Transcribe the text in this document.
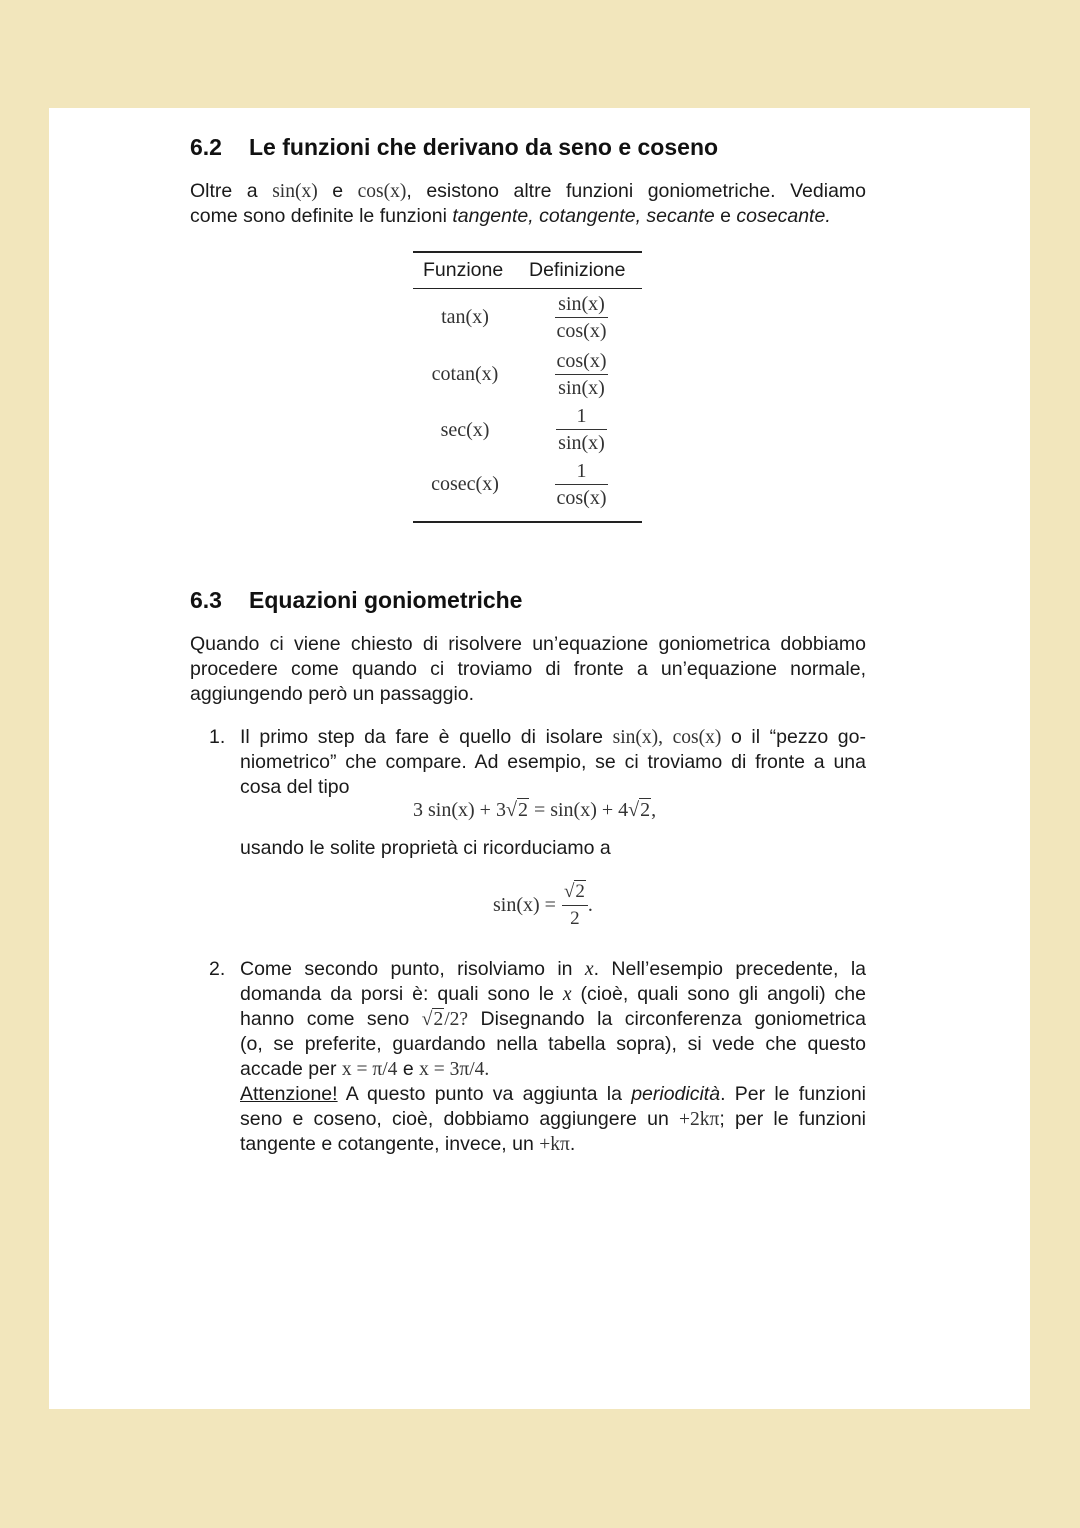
6.2 Le funzioni che derivano da seno e coseno
Oltre a sin(x) e cos(x), esistono altre funzioni goniometriche. Vediamo
come sono definite le funzioni tangente, cotangente, secante e cosecante.
Funzione Definizione
tan(x)	$\frac{\sin(x)}{\cos(x)}$
cotan(x)	$\frac{\cos(x)}{\sin(x)}$
sec(x)	$\frac{1}{\sin(x)}$
cosec(x)	$\frac{1}{\cos(x)}$
6.3 Equazioni goniometriche
Quando ci viene chiesto di risolvere un’equazione goniometrica dobbiamo
procedere come quando ci troviamo di fronte a un’equazione normale,
aggiungendo però un passaggio.
1. Il primo step da fare è quello di isolare sin(x), cos(x) o il “pezzo go-
niometrico” che compare. Ad esempio, se ci troviamo di fronte a una
cosa del tipo
3 sin(x) + 3√2 = sin(x) + 4√2,
usando le solite proprietà ci ricorduciamo a
$\sin(x) = \frac{√2}{2}$ .
2. Come secondo punto, risolviamo in x. Nell’esempio precedente, la
domanda da porsi è: quali sono le x (cioè, quali sono gli angoli) che
hanno come seno √2/2? Disegnando la circonferenza goniometrica
(o, se preferite, guardando nella tabella sopra), si vede che questo
accade per x = π/4 e x = 3π/4.
Attenzione! A questo punto va aggiunta la periodicità. Per le funzioni
seno e coseno, cioè, dobbiamo aggiungere un +2kπ; per le funzioni
tangente e cotangente, invece, un +kπ.
